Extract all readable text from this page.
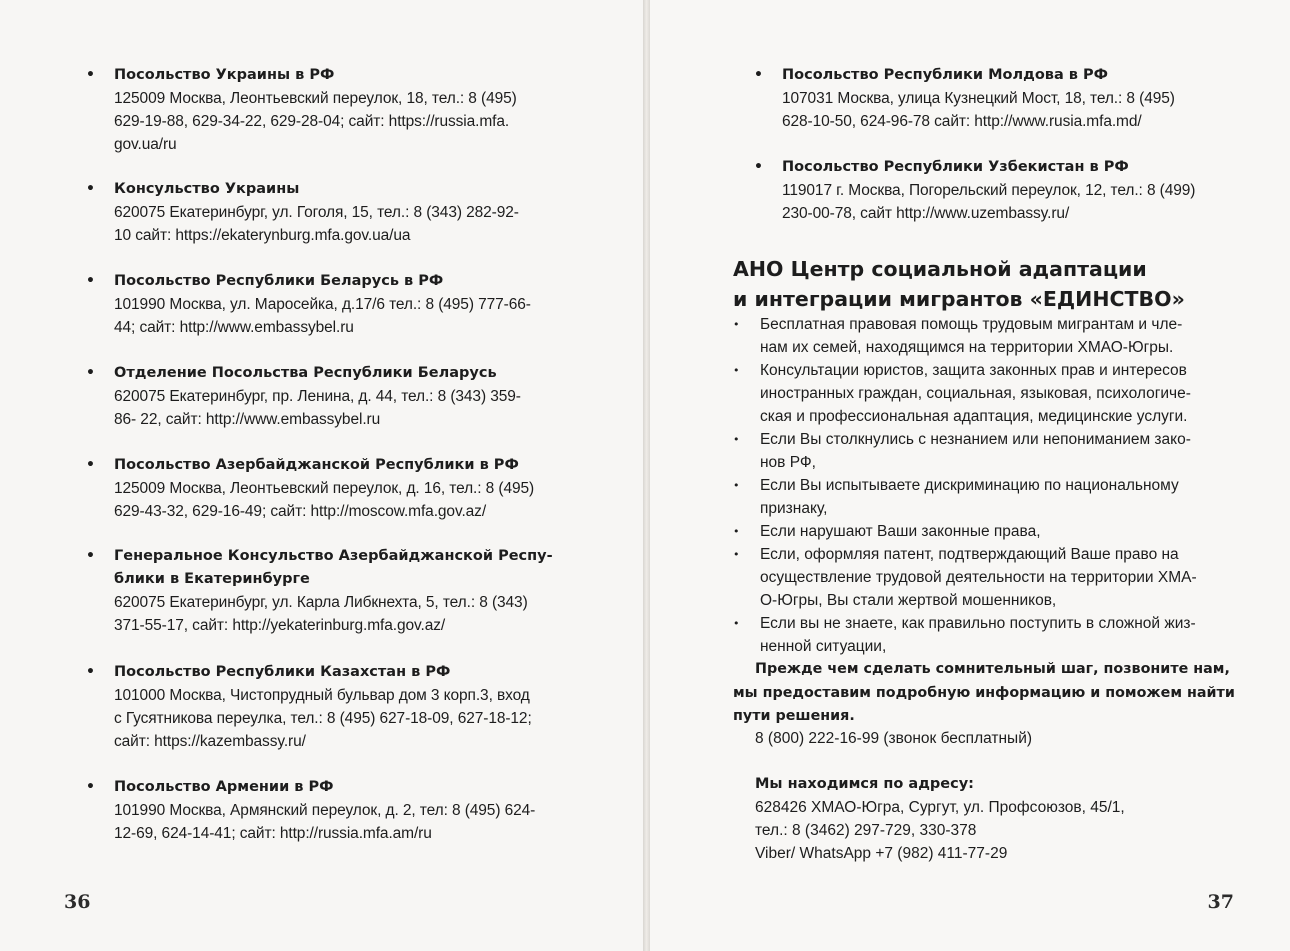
• Посольство Украины в РФ
125009 Москва, Леонтьевский переулок, 18, тел.: 8 (495)
629-19-88, 629-34-22, 629-28-04; сайт: https://russia.mfa.
gov.ua/ru
• Консульство Украины
620075 Екатеринбург, ул. Гоголя, 15, тел.: 8 (343) 282-92-
10 сайт: https://ekaterynburg.mfa.gov.ua/ua
• Посольство Республики Беларусь в РФ
101990 Москва, ул. Маросейка, д.17/6 тел.: 8 (495) 777-66-
44; сайт: http://www.embassybel.ru
• Отделение Посольства Республики Беларусь
620075 Екатеринбург, пр. Ленина, д. 44, тел.: 8 (343) 359-
86- 22, сайт: http://www.embassybel.ru
• Посольство Азербайджанской Республики в РФ
125009 Москва, Леонтьевский переулок, д. 16, тел.: 8 (495)
629-43-32, 629-16-49; сайт: http://moscow.mfa.gov.az/
• Генеральное Консульство Азербайджанской Респу-
блики в Екатеринбурге
620075 Екатеринбург, ул. Карла Либкнехта, 5, тел.: 8 (343)
371-55-17, сайт: http://yekaterinburg.mfa.gov.az/
• Посольство Республики Казахстан в РФ
101000 Москва, Чистопрудный бульвар дом 3 корп.3, вход
с Гусятникова переулка, тел.: 8 (495) 627-18-09, 627-18-12;
сайт: https://kazembassy.ru/
• Посольство Армении в РФ
101990 Москва, Армянский переулок, д. 2, тел: 8 (495) 624-
12-69, 624-14-41; сайт: http://russia.mfa.am/ru
36	37
• Посольство Республики Молдова в РФ
107031 Москва, улица Кузнецкий Мост, 18, тел.: 8 (495)
628-10-50, 624-96-78 сайт: http://www.rusia.mfa.md/
• Посольство Республики Узбекистан в РФ
119017 г. Москва, Погорельский переулок, 12, тел.: 8 (499)
230-00-78, сайт http://www.uzembassy.ru/
АНО Центр социальной адаптации
и интеграции мигрантов «ЕДИНСТВО»
• Бесплатная правовая помощь трудовым мигрантам и чле-
нам их семей, находящимся на территории ХМАО-Югры.
• Консультации юристов, защита законных прав и интересов
иностранных граждан, социальная, языковая, психологиче-
ская и профессиональная адаптация, медицинские услуги.
• Если Вы столкнулись с незнанием или непониманием зако-
нов РФ,
• Если Вы испытываете дискриминацию по национальному
признаку,
• Если нарушают Ваши законные права,
• Если, оформляя патент, подтверждающий Ваше право на
осуществление трудовой деятельности на территории ХМА-
О-Югры, Вы стали жертвой мошенников,
• Если вы не знаете, как правильно поступить в сложной жиз-
ненной ситуации,
Прежде чем сделать сомнительный шаг, позвоните нам,
мы предоставим подробную информацию и поможем найти
пути решения.
8 (800) 222-16-99 (звонок бесплатный)
Мы находимся по адресу:
628426 ХМАО-Югра, Сургут, ул. Профсоюзов, 45/1,
тел.: 8 (3462) 297-729, 330-378
Viber/ WhatsApp +7 (982) 411-77-29
